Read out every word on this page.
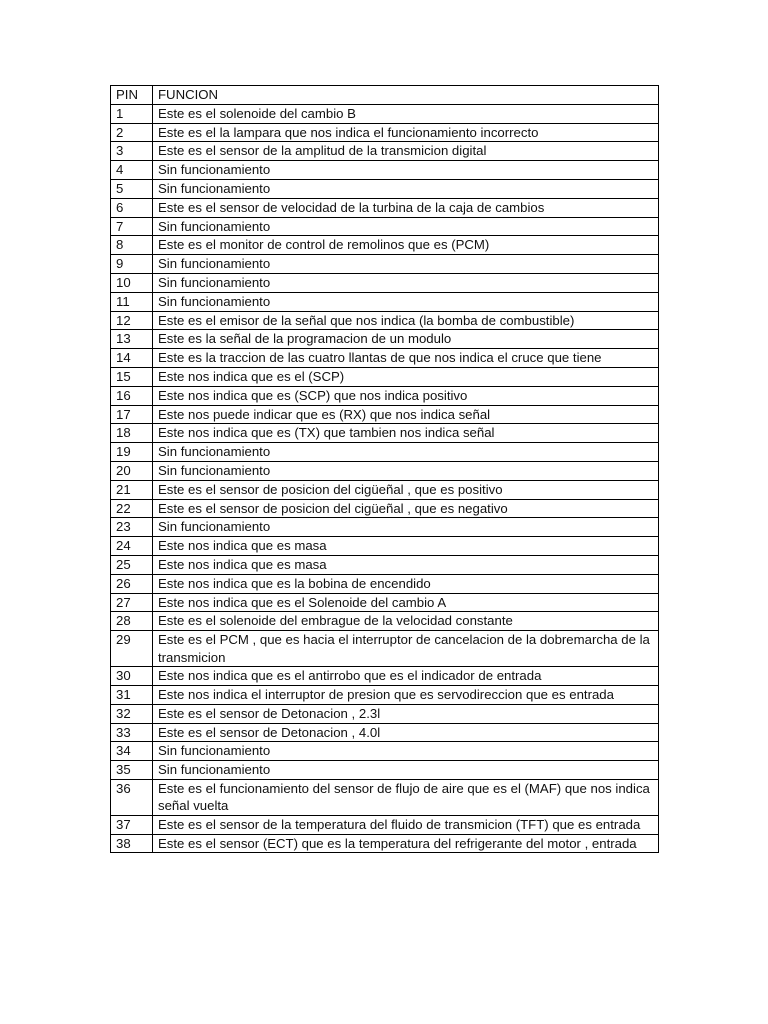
PIN	FUNCION
1	Este es el solenoide del cambio B
2	Este es el la lampara que nos indica el funcionamiento incorrecto
3	Este es el sensor de la amplitud de la transmicion digital
4	Sin funcionamiento
5	Sin funcionamiento
6	Este es el sensor de velocidad de la turbina de la caja de cambios
7	Sin funcionamiento
8	Este es el monitor de control de remolinos que es (PCM)
9	Sin funcionamiento
10	Sin funcionamiento
11	Sin funcionamiento
12	Este es el emisor de la señal que nos indica (la bomba de combustible)
13	Este es la señal de la programacion de un modulo
14	Este es la traccion de las cuatro llantas de que nos indica el cruce que tiene
15	Este nos indica que es el (SCP)
16	Este nos indica que es (SCP) que nos indica positivo
17	Este nos puede indicar que es (RX) que nos indica señal
18	Este nos indica que es (TX) que tambien nos indica señal
19	Sin funcionamiento
20	Sin funcionamiento
21	Este es el sensor de posicion del cigüeñal , que es positivo
22	Este es el sensor de posicion del cigüeñal , que es negativo
23	Sin funcionamiento
24	Este nos indica que es masa
25	Este nos indica que es masa
26	Este nos indica que es la bobina de encendido
27	Este nos indica que es el Solenoide del cambio A
28	Este es el solenoide del embrague de la velocidad constante
29	Este es el PCM , que es hacia el interruptor de cancelacion de la dobremarcha de la transmicion
30	Este nos indica que es el antirrobo que es el indicador de entrada
31	Este nos indica el interruptor de presion que es servodireccion que es entrada
32	Este es el sensor de Detonacion , 2.3l
33	Este es el sensor de Detonacion , 4.0l
34	Sin funcionamiento
35	Sin funcionamiento
36	Este es el funcionamiento del sensor de flujo de aire que es el (MAF) que nos indica señal vuelta
37	Este es el sensor de la temperatura del fluido de transmicion (TFT) que es entrada
38	Este es el sensor (ECT) que es la temperatura del refrigerante del motor , entrada
